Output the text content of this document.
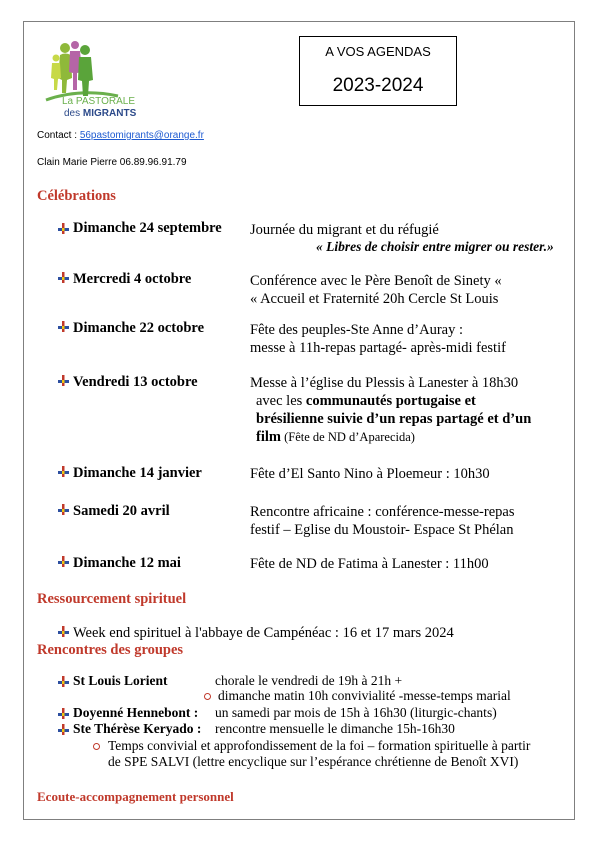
La PASTORALE
des MIGRANTS
A VOS AGENDAS
2023-2024
Contact : 56pastomigrants@orange.fr
Clain Marie Pierre 06.89.96.91.79
Célébrations
Dimanche 24 septembre Journée du migrant et du réfugié
« Libres de choisir entre migrer ou rester.»
Mercredi 4 octobre	Conférence avec le Père Benoît de Sinety «
« Accueil et Fraternité 20h Cercle St Louis
Dimanche 22 octobre	Fête des peuples-Ste Anne d’Auray :
messe à 11h-repas partagé- après-midi festif
Vendredi 13 octobre	Messe à l’église du Plessis à Lanester à 18h30
avec les communautés portugaise et
brésilienne suivie d’un repas partagé et d’un
film (Fête de ND d’Aparecida)
Dimanche 14 janvier	Fête d’El Santo Nino à Ploemeur : 10h30
Samedi 20 avril	Rencontre africaine : conférence-messe-repas
festif – Eglise du Moustoir- Espace St Phélan
Dimanche 12 mai	Fête de ND de Fatima à Lanester : 11h00
Ressourcement spirituel
Week end spirituel à l'abbaye de Campénéac : 16 et 17 mars 2024
Rencontres des groupes
St Louis Lorient	chorale le vendredi de 19h à 21h +
dimanche matin 10h convivialité -messe-temps marial
Doyenné Hennebont : un samedi par mois de 15h à 16h30 (liturgic-chants)
Ste Thérèse Keryado : rencontre mensuelle le dimanche 15h-16h30
Temps convivial et approfondissement de la foi – formation spirituelle à partir
de SPE SALVI (lettre encyclique sur l’espérance chrétienne de Benoît XVI)
Ecoute-accompagnement personnel
